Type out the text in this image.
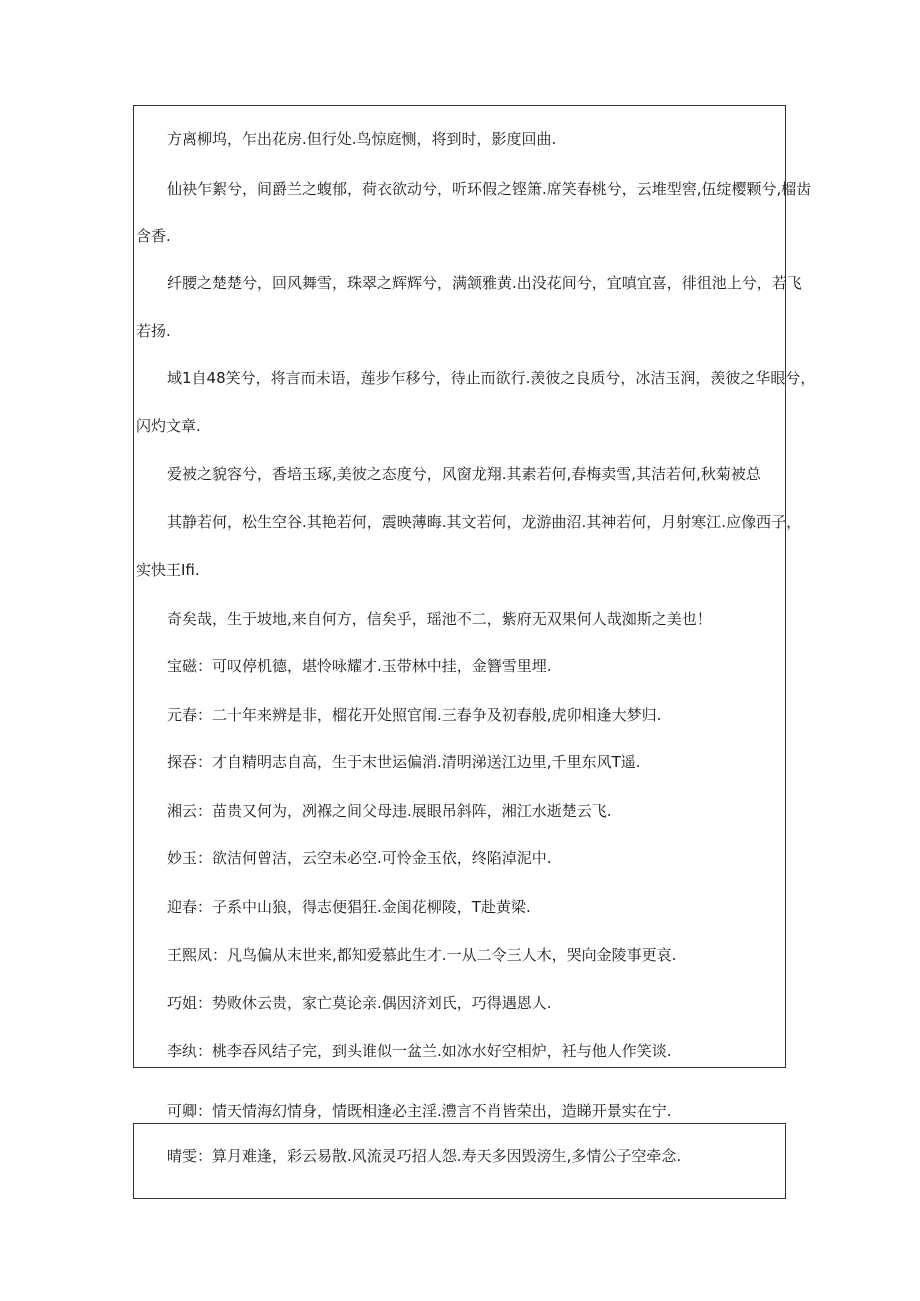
方离柳坞，乍出花房.但行处.鸟惊庭恻，将到时，影度回曲.
仙袂乍絮兮，间爵兰之蝮郁，荷衣欲动兮，听环假之铿箫.席笑春桃兮，云堆型窖,伍绽樱颗兮,榴齿
含香.
纤腰之楚楚兮，回风舞雪，珠翠之辉辉兮，满颔雅黄.出没花间兮，宜嗔宜喜，徘徂池上兮，若飞
若扬.
域1自48笑兮，将言而未语，莲步乍移兮，待止而欲行.羡彼之良质兮，冰洁玉润，羡彼之华眼兮，
闪灼文章.
爱被之貌容兮，香培玉琢,美彼之态度兮，风窗龙翔.其素若何,春梅卖雪,其洁若何,秋菊被总
其静若何，松生空谷.其艳若何，震映薄晦.其文若何，龙游曲沼.其神若何，月射寒江.应像西子，
实快王Ifi.
奇矣哉，生于坡地,来自何方，信矣乎，瑶池不二，紫府无双果何人哉洳斯之美也！
宝磁：可叹停机德，堪怜咏耀才.玉带林中挂，金簪雪里埋.
元春：二十年来辨是非，榴花开处照官闱.三春争及初春般,虎卯相逢大梦归.
探吞：才自精明志自高，生于末世运偏消.清明涕送江边里,千里东风T遥.
湘云：苗贵又何为，冽褓之间父母违.展眼吊斜阵，湘江水逝楚云飞.
妙玉：欲洁何曾洁，云空未必空.可怜金玉依，终陷淖泥中.
迎春：子系中山狼，得志便猖狂.金闺花柳陵，T赴黄梁.
王熙凤：凡鸟偏从末世来,都知爱慕此生才.一从二令三人木，哭向金陵事更哀.
巧姐：势败休云贵，家亡莫论亲.偶因济刘氏，巧得遇恩人.
李纨：桃李吞风结子完，到头谁似一盆兰.如冰水好空相炉，衽与他人作笑谈.
可卿：情天情海幻情身，情既相逢必主淫.澧言不肖皆荣出，造睇开景实在宁.
晴雯：算月难逢，彩云易散.风流灵巧招人怨.寿天多因毁滂生,多情公子空牵念.
